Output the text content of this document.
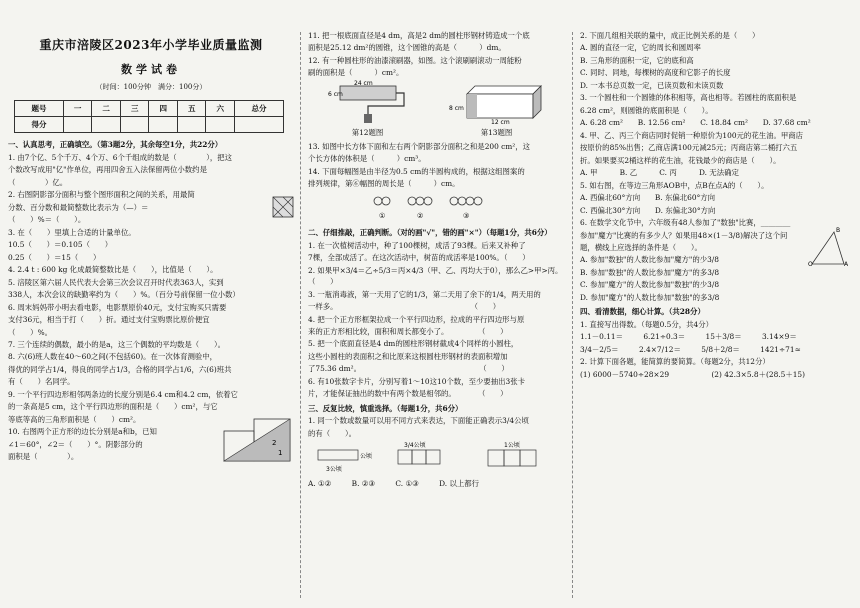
重庆市涪陵区2023年小学毕业质量监测
数学试卷
（时间：100分钟　满分：100分）
题号	一	二	三	四	五	六	总分
得分							

一、认真思考，正确填空。（第3题2分，其余每空1分，共22分）

1. 由7个亿、5个千万、4个万、6个千组成的数是（　　　　），把这

个数改写成用"亿"作单位，再用四舍五入法保留两位小数约是

（　　　　）亿。

2. 右图阴影部分面积与整个图形面积之间的关系，用最简

分数、百分数和最简整数比表示为（—）＝

（　　）%＝（　　）。

3. 在（　　）里填上合适的计量单位。

10.5（　　）＝0.105（　　）

0.25（　　）＝15（　　）

4. 2.4 t : 600 kg 化成最简整数比是（　　），比值是（　　）。

5. 涪陵区第六届人民代表大会第三次会议召开时代表363人，实到

338人，本次会议的缺勤率约为（　　）%。（百分号前保留一位小数）

6. 周末妈妈带小明去看电影，电影票原价40元，支付宝购买只需要

支付36元，相当于打（　　）折。通过支付宝购票比原价便宜

（　　）%。

7. 三个连续的偶数，最小的是a，这三个偶数的平均数是（　　）。

8. 六(6)班人数在40～60之间(不包括60)。在一次体育测验中，

得优的同学占1/4，得良的同学占1/3，合格的同学占1/6，六(6)班共

有（　　）名同学。

9. 一个平行四边形相邻两条边的长度分别是6.4 cm和4.2 cm，依着它

的一条高是5 cm，这个平行四边形的面积是（　　）cm²，与它

等底等高的三角形面积是（　　）cm²。

10. 右图两个正方形的边长分别是a和b，已知

∠1＝60°，∠2＝（　　）°。阴影部分的

面积是（　　　　）。

2
1

11. 把一根底面直径是4 dm，高是2 dm的圆柱形钢材铸造成一个底

面积是25.12 dm²的圆锥，这个圆锥的高是（　　　）dm。

12. 有一种圆柱形的油漆滚刷器，如图。这个滚刷刷滚动一周能粉

刷的面积是（　　　）cm²。

24 cm
6 cm
第12题图
8 cm
12 cm
第13题图

13. 如图中长方体下面和左右两个阴影部分面积之和是200 cm²，这

个长方体的体积是（　　　）cm³。

14. 下面每幅图是由半径为0.5 cm的半圆构成的，根据这组图案的

排列规律，第⑥幅图的周长是（　　　）cm。

①	②	③

二、仔细推敲，正确判断。（对的画"√"，错的画"×"）（每题1分，共6分）

1. 在一次植树活动中，种了100棵树，成活了93棵。后来又补种了

7棵，全部成活了。在这次活动中，树苗的成活率是100%。（　　）

2. 如果甲×3/4＝乙÷5/3＝丙×4/3（甲、乙、丙均大于0），那么乙>甲>丙。（　　）

3. 一瓶消毒液，第一天用了它的1/3，第二天用了余下的1/4，两天用的

一样多。　　　　　　　　　　　　　　　　　　　（　　）

4. 把一个正方形框架拉成一个平行四边形，拉成的平行四边形与原

来的正方形相比较，面积和周长都变小了。　　　　　（　　）

5. 把一个底面直径是4 dm的圆柱形钢材截成4个同样的小圆柱，

这些小圆柱的表面积之和比原来这根圆柱形钢材的表面积增加

了75.36 dm²。　　　　　　　　　　　　　　　　　（　　）

6. 有10张数字卡片，分别写着1～10这10个数，至少要抽出3张卡

片，才能保证抽出的数中有两个数是相邻的。　　　　（　　）

三、反复比较，慎重选择。（每题1分，共6分）

1. 同一个数或数量可以用不同方式来表达，下面能正确表示3/4公顷

的有（　　）。

公顷
3公顷
3/4公顷	1公顷

A. ①②	B. ②③	C. ①③	D. 以上都行

2. 下面几组相关联的量中，成正比例关系的是（　　）

A. 圆的直径一定，它的周长和圆周率

B. 三角形的面积一定，它的底和高

C. 同时、同地，每棵树的高度和它影子的长度

D. 一本书总页数一定，已读页数和未读页数

3. 一个圆柱和一个圆锥的体积相等，高也相等。若圆柱的底面积是

6.28 cm²，则圆锥的底面积是（　　）。

A. 6.28 cm²　　B. 12.56 cm²　　C. 18.84 cm²　　D. 37.68 cm²

4. 甲、乙、丙三个商店同时促销一种原价为100元的花生油。甲商店

按原价的85%出售；乙商店满100元减25元；丙商店第二桶打六五

折。如果要买2桶这样的花生油，花钱最少的商店是（　　）。

A. 甲　　　B. 乙　　　C. 丙　　　D. 无法确定

5. 如右图，在等边三角形AOB中，点B在点A的（　　）。

A. 西偏北60°方向　　B. 东偏北60°方向

C. 西偏北30°方向　　D. 东偏北30°方向

6. 在数学文化节中，六年级有48人参加了"数独"比赛，________

参加"魔方"比赛的有多少人？如果用48×(1－3/8)解决了这个问

题，横线上应选择的条件是（　　）。

A. 参加"数独"的人数比参加"魔方"的少3/8

B. 参加"数独"的人数比参加"魔方"的多3/8

C. 参加"魔方"的人数比参加"数独"的少3/8

D. 参加"魔方"的人数比参加"数独"的多3/8

O	A
B

四、看清数据，细心计算。（共28分）

1. 直接写出得数。（每题0.5分，共4分）

1.1－0.11＝	6.21÷0.3＝	15＋3/8＝	3.14×9＝

3/4－2/5＝	2.4×7/12＝	5/8＋2/8＝	1421÷71≈

2. 计算下面各题，能简算的要简算。（每题2分，共12分）

(1) 6000－5740÷28×29	(2) 42.3×5.8＋(28.5＋15)
